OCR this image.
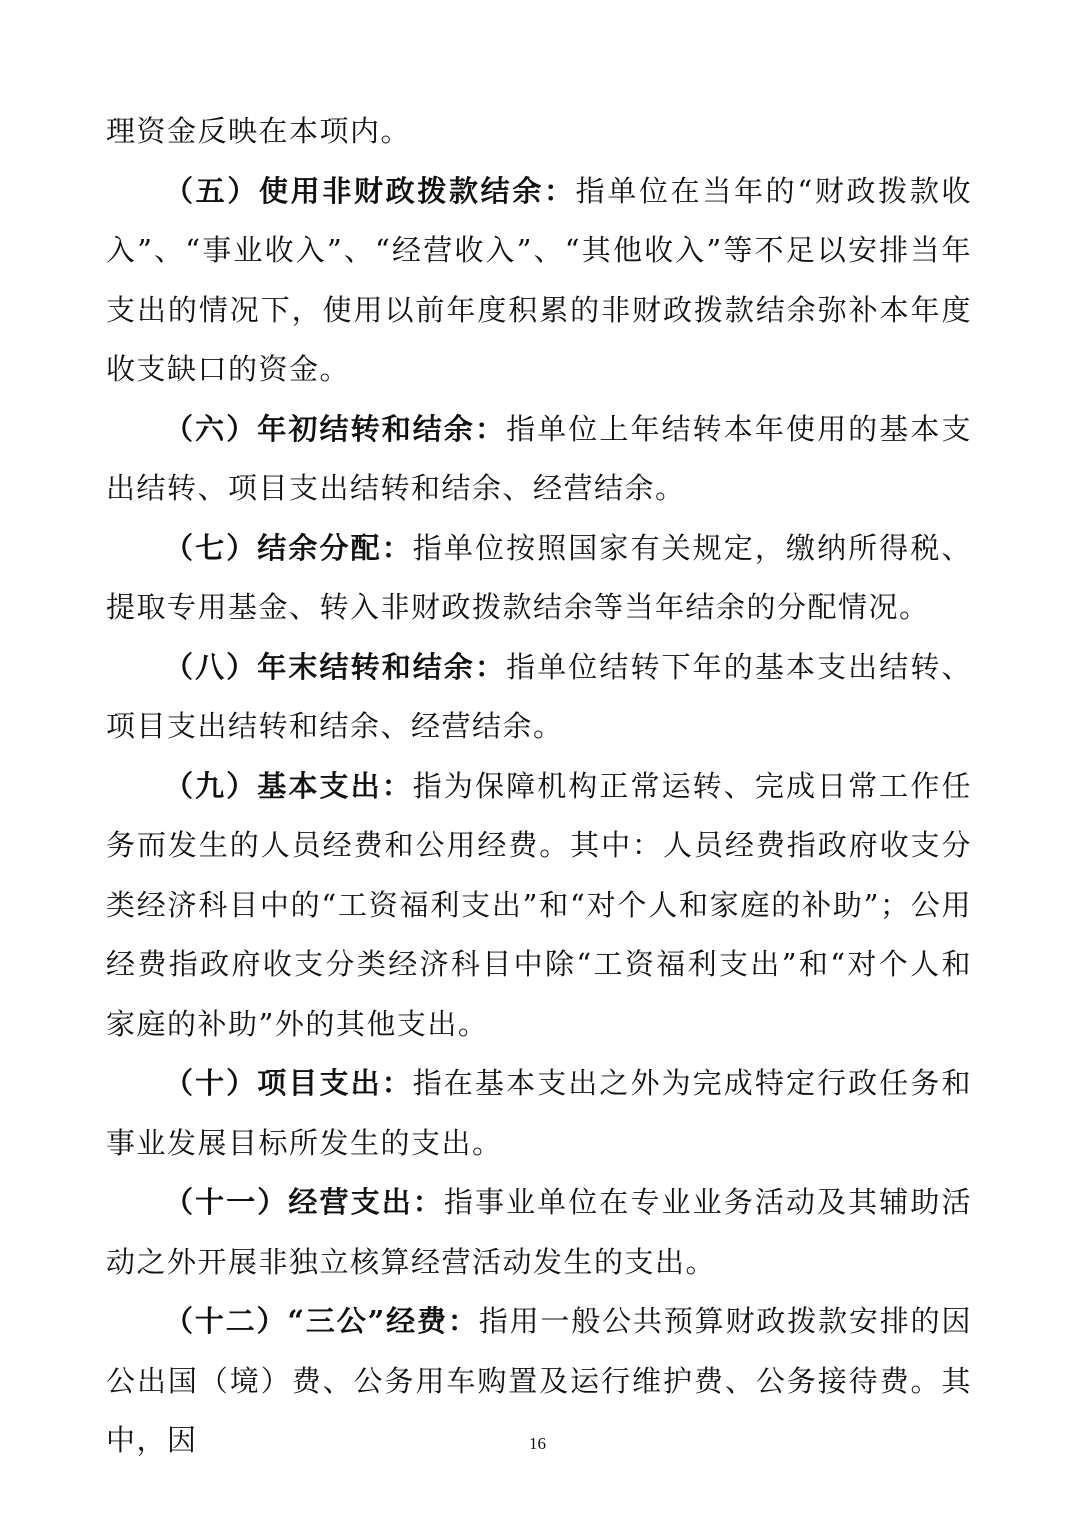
理资金反映在本项内。

（五）使用非财政拨款结余：指单位在当年的“财政拨款收入”、“事业收入”、“经营收入”、“其他收入”等不足以安排当年支出的情况下，使用以前年度积累的非财政拨款结余弥补本年度收支缺口的资金。

（六）年初结转和结余：指单位上年结转本年使用的基本支出结转、项目支出结转和结余、经营结余。

（七）结余分配：指单位按照国家有关规定，缴纳所得税、提取专用基金、转入非财政拨款结余等当年结余的分配情况。

（八）年末结转和结余：指单位结转下年的基本支出结转、项目支出结转和结余、经营结余。

（九）基本支出：指为保障机构正常运转、完成日常工作任务而发生的人员经费和公用经费。其中：人员经费指政府收支分类经济科目中的“工资福利支出”和“对个人和家庭的补助”；公用经费指政府收支分类经济科目中除“工资福利支出”和“对个人和家庭的补助”外的其他支出。

（十）项目支出：指在基本支出之外为完成特定行政任务和事业发展目标所发生的支出。

（十一）经营支出：指事业单位在专业业务活动及其辅助活动之外开展非独立核算经营活动发生的支出。

（十二）“三公”经费：指用一般公共预算财政拨款安排的因公出国（境）费、公务用车购置及运行维护费、公务接待费。其中，因	16
